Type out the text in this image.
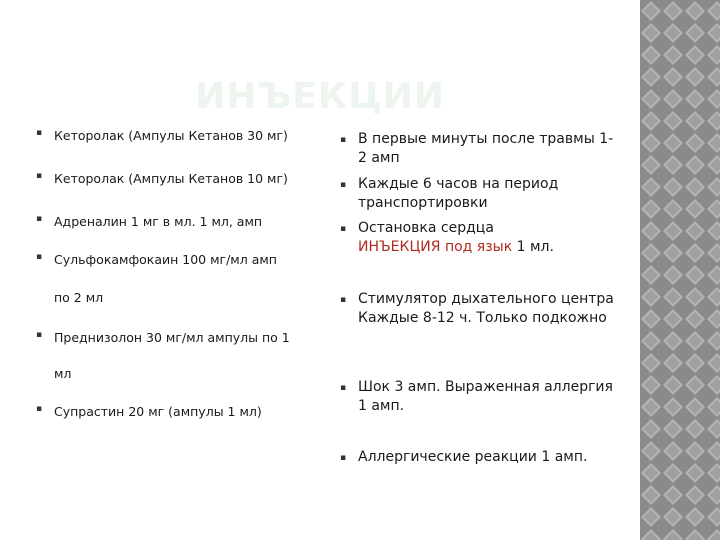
ИНЪЕКЦИИ
▪ Кеторолак (Ампулы Кетанов 30 мг)
▪ Кеторолак (Ампулы Кетанов 10 мг)
▪ Адреналин 1 мг в мл. 1 мл, амп
▪ Сульфокамфокаин 100 мг/мл амп
по 2 мл
▪ Преднизолон 30 мг/мл ампулы по 1
мл
▪ Супрастин 20 мг (ампулы 1 мл)
▪ В первые минуты после травмы 1-2 амп
▪ Каждые 6 часов на период транспортировки
▪ Остановка сердца
ИНЪЕКЦИЯ под язык 1 мл.
▪ Стимулятор дыхательного центра Каждые 8-12 ч. Только подкожно
▪ Шок 3 амп. Выраженная аллергия 1 амп.
▪ Аллергические реакции 1 амп.
